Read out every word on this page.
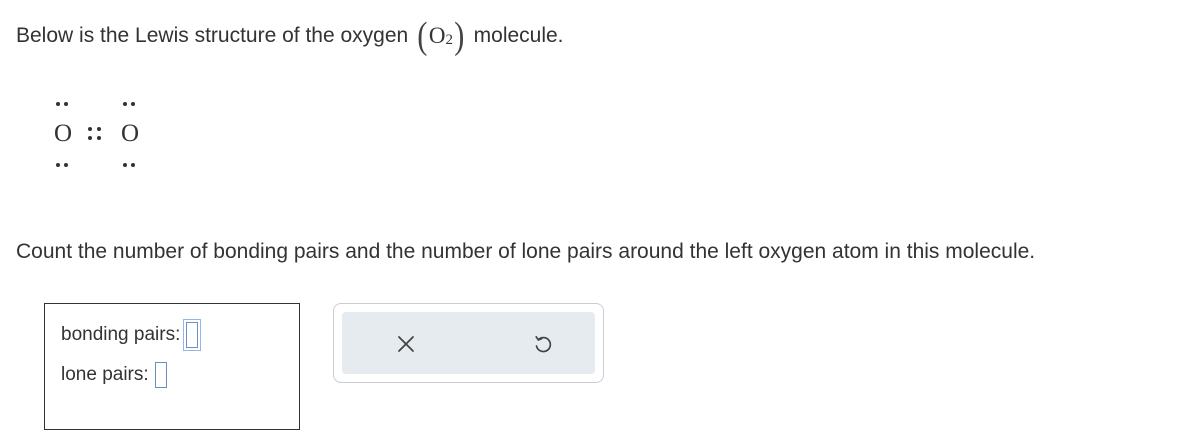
Below is the Lewis structure of the oxygen ( $O_2$ ) molecule.
O O
Count the number of bonding pairs and the number of lone pairs around the left oxygen atom in this molecule.
bonding pairs:
lone pairs:
